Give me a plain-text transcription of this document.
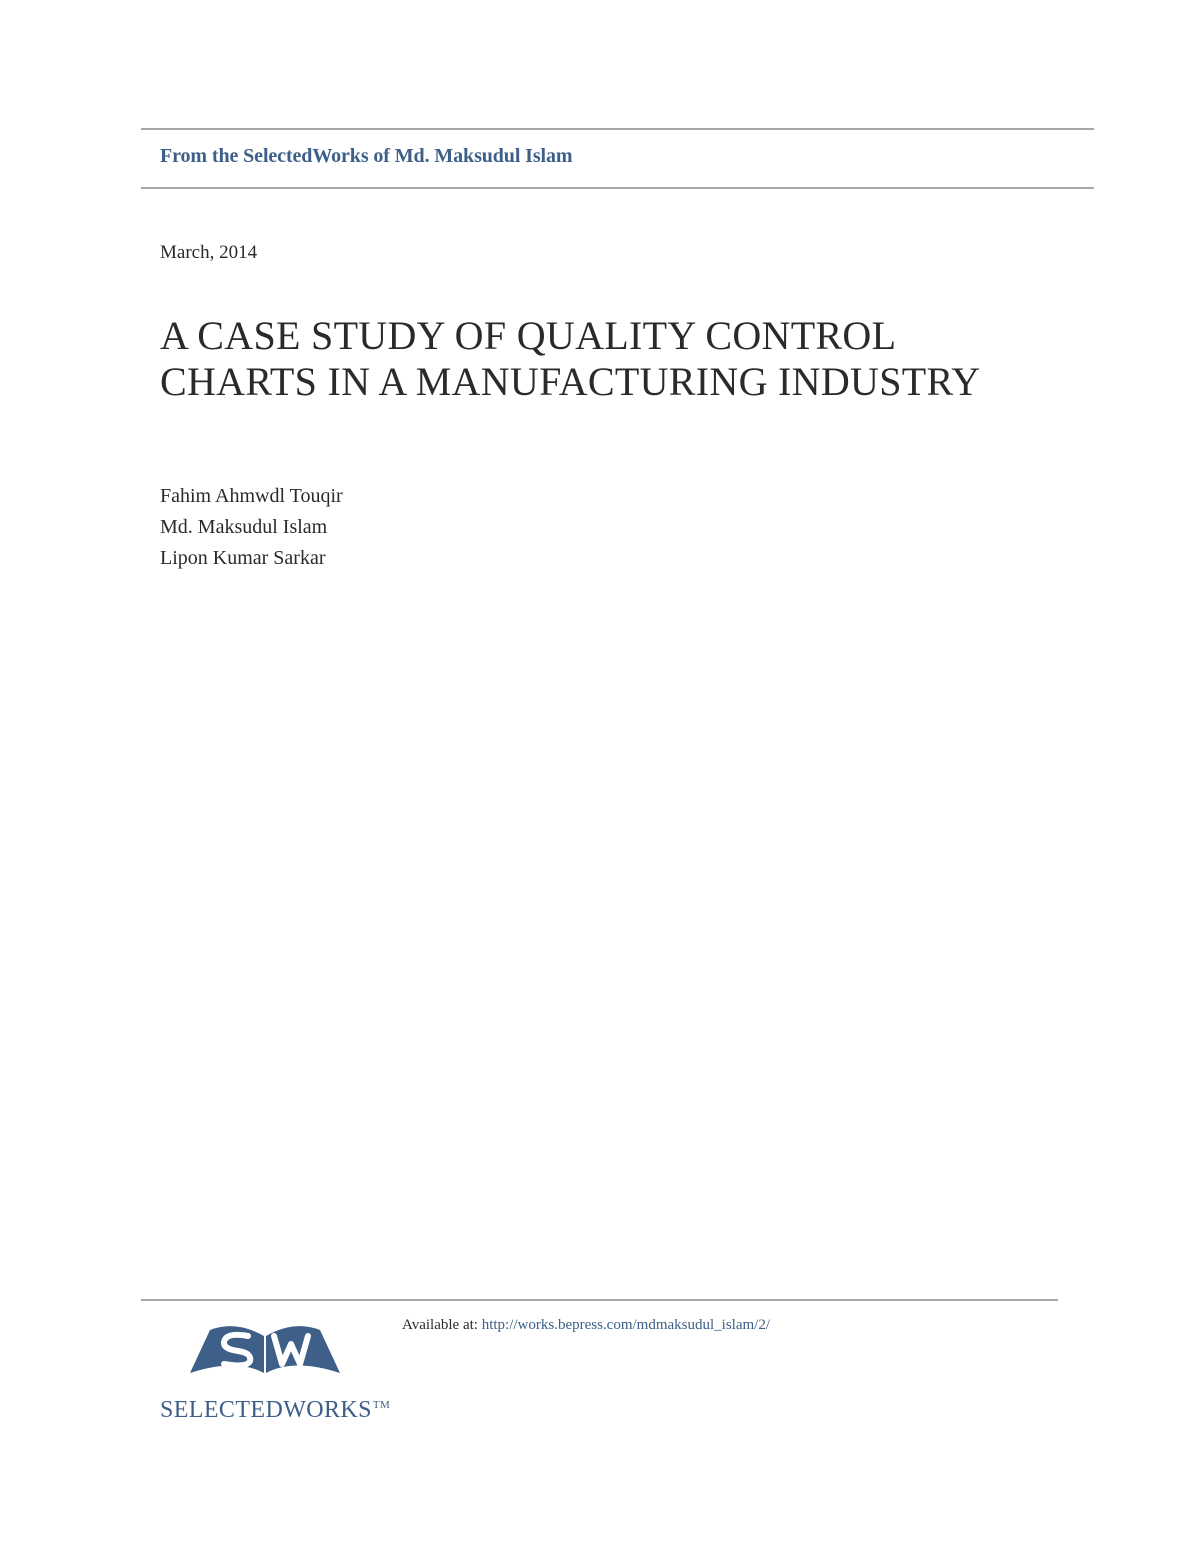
From the SelectedWorks of Md. Maksudul Islam
March, 2014
A CASE STUDY OF QUALITY CONTROL CHARTS IN A MANUFACTURING INDUSTRY
Fahim Ahmwdl Touqir
Md. Maksudul Islam
Lipon Kumar Sarkar
SELECTEDWORKS™
Available at: http://works.bepress.com/mdmaksudul_islam/2/
